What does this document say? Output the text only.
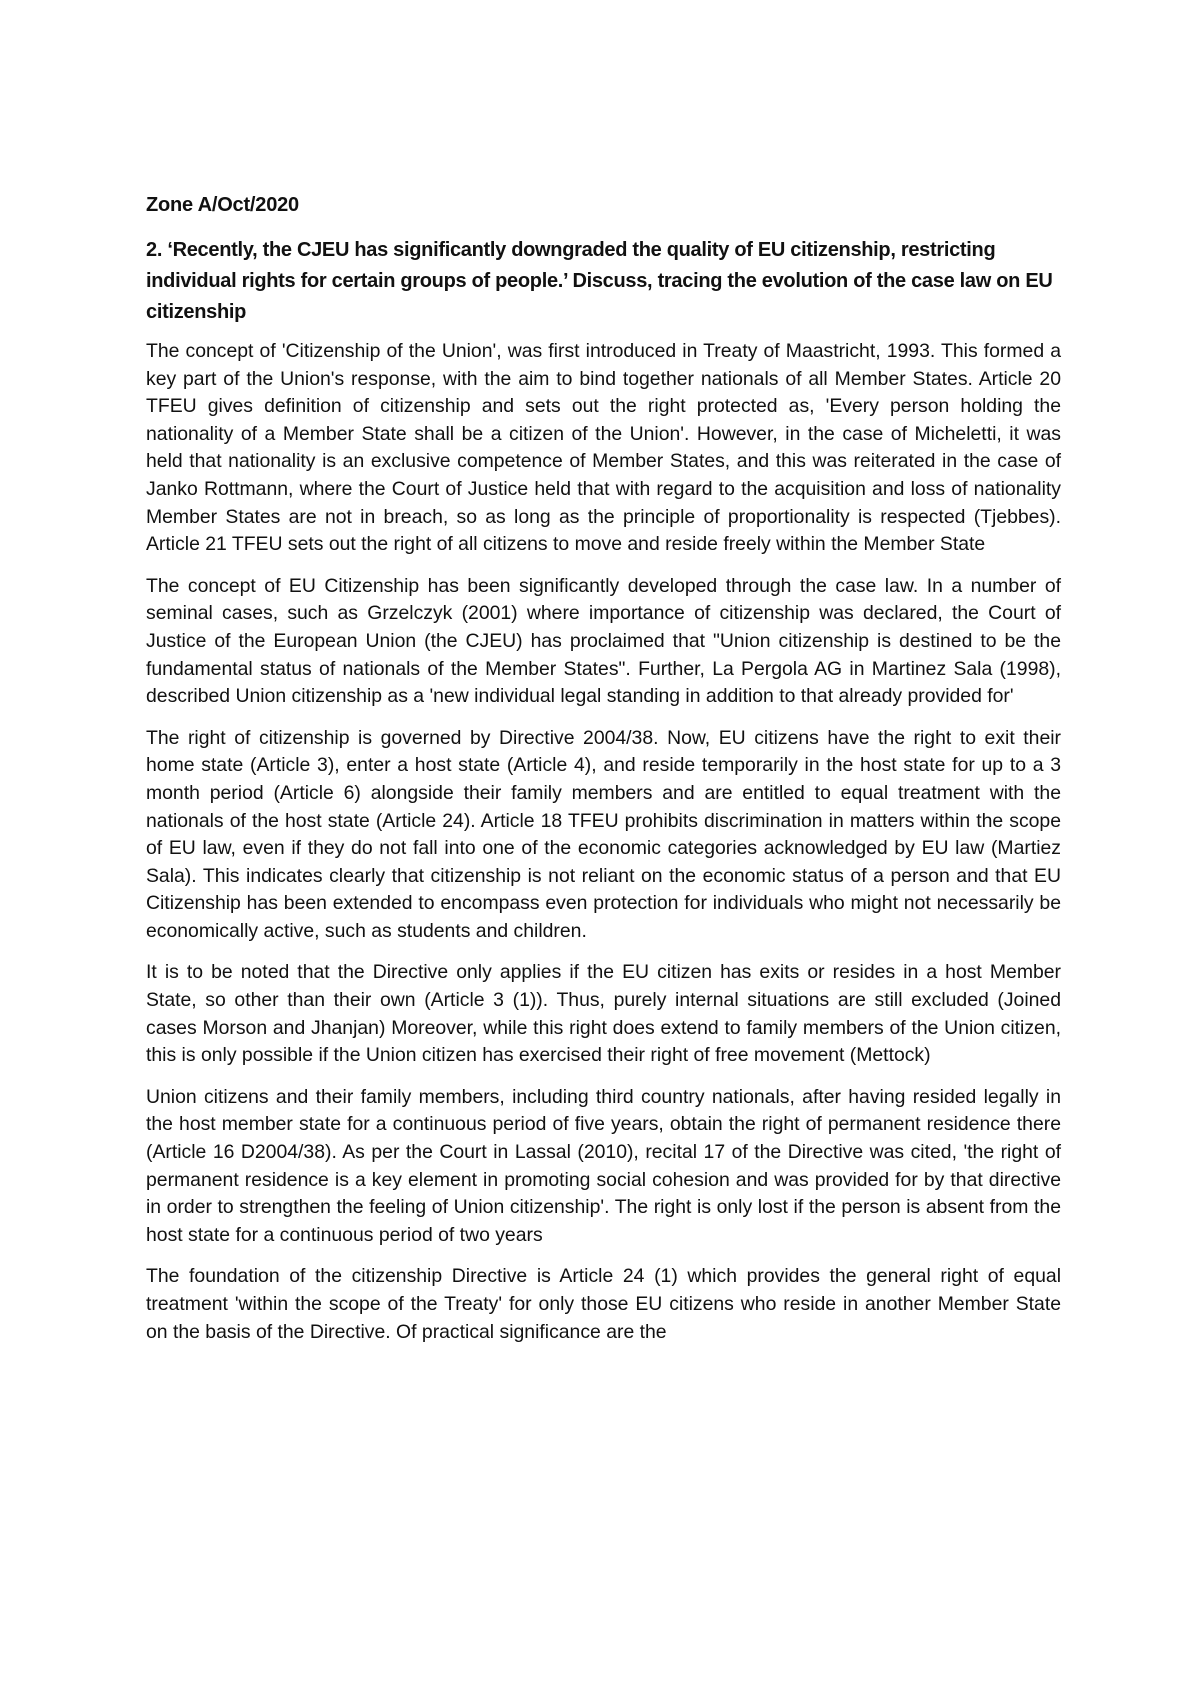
Zone A/Oct/2020

2. ‘Recently, the CJEU has significantly downgraded the quality of EU citizenship, restricting individual rights for certain groups of people.’ Discuss, tracing the evolution of the case law on EU citizenship

The concept of 'Citizenship of the Union', was first introduced in Treaty of Maastricht, 1993. This formed a key part of the Union's response, with the aim to bind together nationals of all Member States. Article 20 TFEU gives definition of citizenship and sets out the right protected as, 'Every person holding the nationality of a Member State shall be a citizen of the Union'. However, in the case of Micheletti, it was held that nationality is an exclusive competence of Member States, and this was reiterated in the case of Janko Rottmann, where the Court of Justice held that with regard to the acquisition and loss of nationality Member States are not in breach, so as long as the principle of proportionality is respected (Tjebbes). Article 21 TFEU sets out the right of all citizens to move and reside freely within the Member State

The concept of EU Citizenship has been significantly developed through the case law. In a number of seminal cases, such as Grzelczyk (2001) where importance of citizenship was declared, the Court of Justice of the European Union (the CJEU) has proclaimed that "Union citizenship is destined to be the fundamental status of nationals of the Member States". Further, La Pergola AG in Martinez Sala (1998), described Union citizenship as a 'new individual legal standing in addition to that already provided for'

The right of citizenship is governed by Directive 2004/38. Now, EU citizens have the right to exit their home state (Article 3), enter a host state (Article 4), and reside temporarily in the host state for up to a 3 month period (Article 6) alongside their family members and are entitled to equal treatment with the nationals of the host state (Article 24). Article 18 TFEU prohibits discrimination in matters within the scope of EU law, even if they do not fall into one of the economic categories acknowledged by EU law (Martiez Sala). This indicates clearly that citizenship is not reliant on the economic status of a person and that EU Citizenship has been extended to encompass even protection for individuals who might not necessarily be economically active, such as students and children.

It is to be noted that the Directive only applies if the EU citizen has exits or resides in a host Member State, so other than their own (Article 3 (1)). Thus, purely internal situations are still excluded (Joined cases Morson and Jhanjan) Moreover, while this right does extend to family members of the Union citizen, this is only possible if the Union citizen has exercised their right of free movement (Mettock)

Union citizens and their family members, including third country nationals, after having resided legally in the host member state for a continuous period of five years, obtain the right of permanent residence there (Article 16 D2004/38). As per the Court in Lassal (2010), recital 17 of the Directive was cited, 'the right of permanent residence is a key element in promoting social cohesion and was provided for by that directive in order to strengthen the feeling of Union citizenship'. The right is only lost if the person is absent from the host state for a continuous period of two years

The foundation of the citizenship Directive is Article 24 (1) which provides the general right of equal treatment 'within the scope of the Treaty' for only those EU citizens who reside in another Member State on the basis of the Directive. Of practical significance are the
